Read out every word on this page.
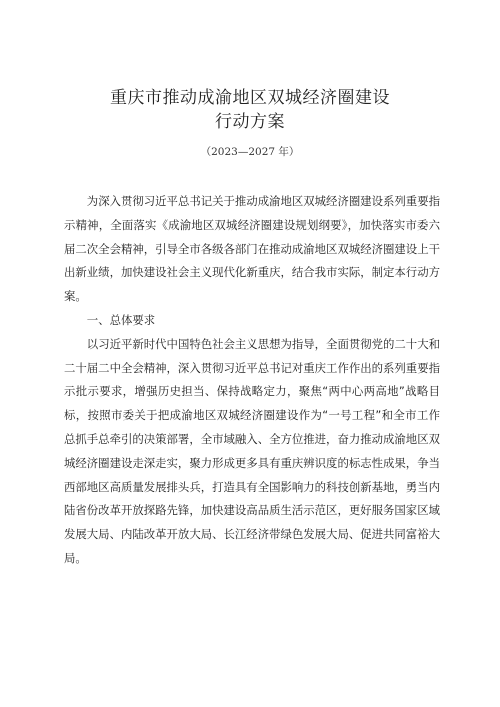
重庆市推动成渝地区双城经济圈建设
行动方案
（2023—2027 年）

为深入贯彻习近平总书记关于推动成渝地区双城经济圈建设系列重要指示精神，全面落实《成渝地区双城经济圈建设规划纲要》，加快落实市委六届二次全会精神，引导全市各级各部门在推动成渝地区双城经济圈建设上干出新业绩，加快建设社会主义现代化新重庆，结合我市实际，制定本行动方案。

一、总体要求

以习近平新时代中国特色社会主义思想为指导，全面贯彻党的二十大和二十届二中全会精神，深入贯彻习近平总书记对重庆工作作出的系列重要指示批示要求，增强历史担当、保持战略定力，聚焦“两中心两高地”战略目标，按照市委关于把成渝地区双城经济圈建设作为“一号工程”和全市工作总抓手总牵引的决策部署，全市域融入、全方位推进，奋力推动成渝地区双城经济圈建设走深走实，聚力形成更多具有重庆辨识度的标志性成果，争当西部地区高质量发展排头兵，打造具有全国影响力的科技创新基地，勇当内陆省份改革开放探路先锋，加快建设高品质生活示范区，更好服务国家区域发展大局、内陆改革开放大局、长江经济带绿色发展大局、促进共同富裕大局。
